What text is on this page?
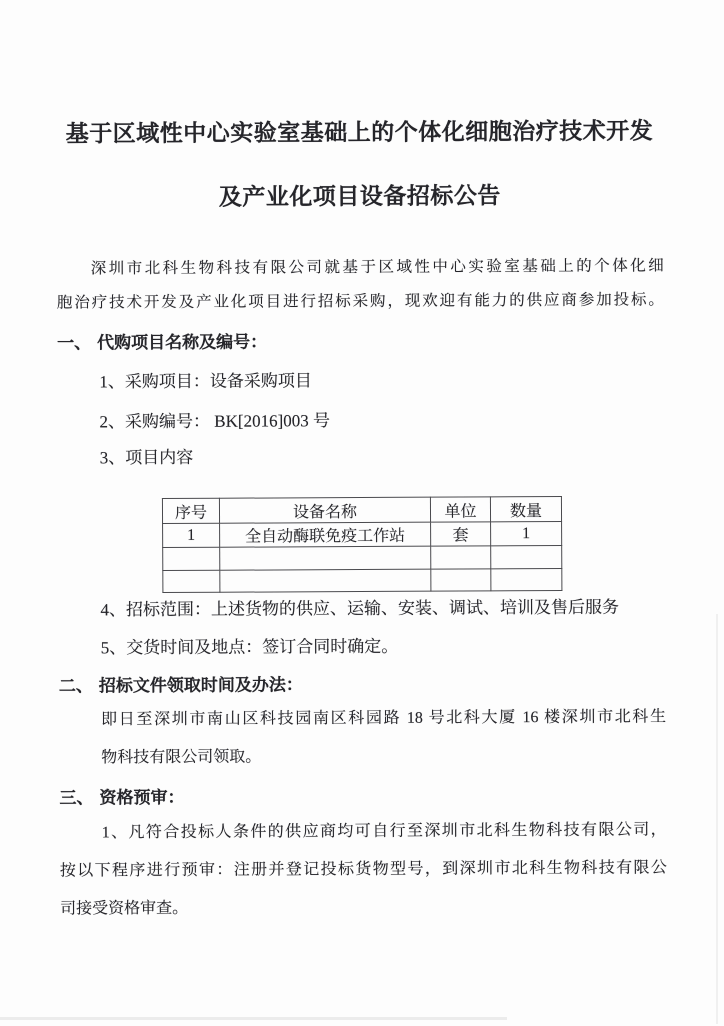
基于区域性中心实验室基础上的个体化细胞治疗技术开发
及产业化项目设备招标公告
深圳市北科生物科技有限公司就基于区域性中心实验室基础上的个体化细
胞治疗技术开发及产业化项目进行招标采购，现欢迎有能力的供应商参加投标。
一、 代购项目名称及编号：
1、采购项目：设备采购项目
2、采购编号： BK[2016]003 号
3、项目内容
序号	设备名称	单位	数量
1	全自动酶联免疫工作站	套	1

4、招标范围：上述货物的供应、运输、安装、调试、培训及售后服务
5、交货时间及地点：签订合同时确定。
二、 招标文件领取时间及办法：
即日至深圳市南山区科技园南区科园路 18 号北科大厦 16 楼深圳市北科生
物科技有限公司领取。
三、 资格预审：
1、凡符合投标人条件的供应商均可自行至深圳市北科生物科技有限公司，
按以下程序进行预审：注册并登记投标货物型号，到深圳市北科生物科技有限公
司接受资格审查。
